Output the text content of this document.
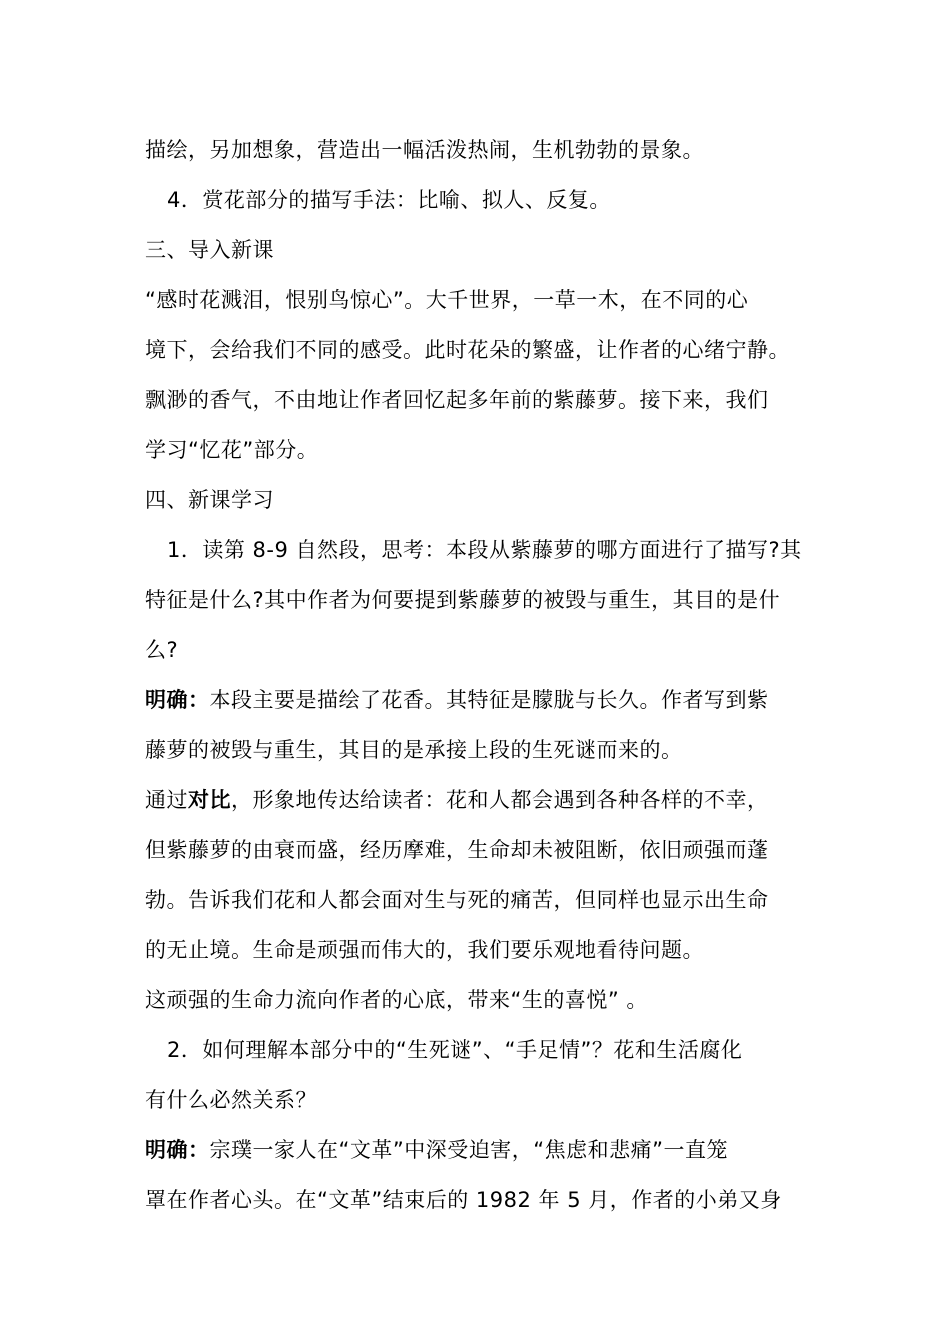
描绘，另加想象，营造出一幅活泼热闹，生机勃勃的景象。
4．赏花部分的描写手法：比喻、拟人、反复。
三、导入新课
“感时花溅泪，恨别鸟惊心”。大千世界，一草一木，在不同的心
境下，会给我们不同的感受。此时花朵的繁盛，让作者的心绪宁静。
飘渺的香气，不由地让作者回忆起多年前的紫藤萝。接下来，我们
学习“忆花”部分。
四、新课学习
1．读第 8-9 自然段，思考：本段从紫藤萝的哪方面进行了描写?其
特征是什么?其中作者为何要提到紫藤萝的被毁与重生，其目的是什
么?
明确：本段主要是描绘了花香。其特征是朦胧与长久。作者写到紫
藤萝的被毁与重生，其目的是承接上段的生死谜而来的。
通过对比，形象地传达给读者：花和人都会遇到各种各样的不幸，
但紫藤萝的由衰而盛，经历摩难，生命却未被阻断，依旧顽强而蓬
勃。告诉我们花和人都会面对生与死的痛苦，但同样也显示出生命
的无止境。生命是顽强而伟大的，我们要乐观地看待问题。
这顽强的生命力流向作者的心底，带来“生的喜悦” 。
2．如何理解本部分中的“生死谜”、“手足情”？花和生活腐化
有什么必然关系？
明确：宗璞一家人在“文革”中深受迫害，“焦虑和悲痛”一直笼
罩在作者心头。在“文革”结束后的 1982 年 5 月，作者的小弟又身
